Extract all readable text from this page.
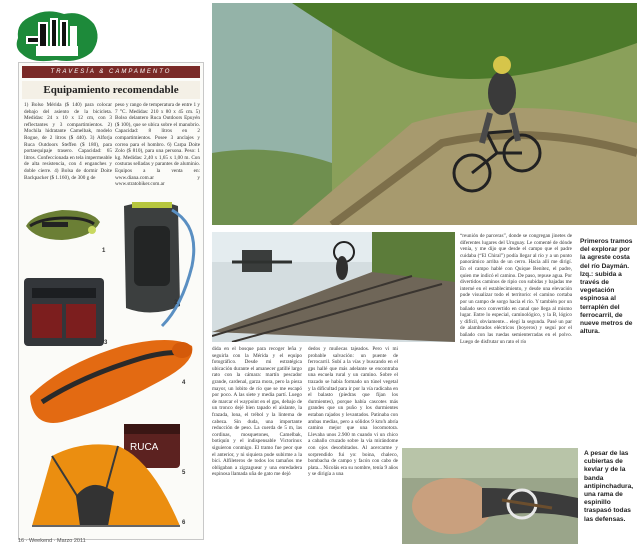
TRAVESÍA & CAMPAMENTO
Equipamiento recomendable
1) Bolso Mérida ($ 140) para colocar debajo del asiento de la bicicleta. Medidas: 24 x 10 x 12 cm, con 3 reflectantes y 3 compartimientos. 2) Mochila hidratante Camelbak, modelo Rogue, de 2 litros ($ 440). 3) Alforja Ruca Outdoors Steffen ($ 180), para portaequipaje trasero. Capacidad: 65 litros. Confeccionada en tela impermeable de alta resistencia, con 4 enganches y doble cierre. 4) Bolsa de dormir Doite Backpacker ($ 1.160), de 300 g de
peso y rango de temperatura de entre 1 y 7 °C. Medidas: 210 x 80 x 45 cm. 5) Bolso delantero Ruca Outdoors Epuyén ($ 100), que se ubica sobre el manubrio. Capacidad: 8 litros en 2 compartimientos. Posee 3 anclajes y correa para el hombro. 6) Carpa Doite Zolo ($ 810), para una persona. Peso: 1 kg. Medidas: 2,40 x 1,65 x 1,00 m. Con costuras selladas y parantes de aluminio. Equipos a la venta en: www.diana.com.ar y www.stratobiker.com.ar
RUCA
1
2
3
4
5
6
dida en el bosque para recoger leña y seguirla con la Mérida y el equipo fotográfico. Desde mi estratégica ubicación durante el amanecer gatillé largo rato con la cámara: martín pescador grande, cardenal, garza mora, pero la pieza mayor, un lobito de río que se me escapó por poco. A las siete y media partí. Luego de marcar el waypoint en el gps, debajo de un tronco dejé bien tapado el aislante, la frazada, lona, el trébol y la linterna de cabeza. Sin duda, una importante reducción de peso. La cuerda de 5 m, las cordinas, mosquetones, Camelbak, botiquín y el indispensable Victorinox siguieron conmigo. El tramo fue peor que el anterior, y ni siquiera pude subirme a la bici. Alfileteros de todos los tamaños me obligaban a zigzaguear y una enredadera espinosa llamada uña de gato me dejó
dedos y muñecas tajeados. Pero vi mi probable salvación: un puente de ferrocarril. Subí a la vías y buscando en el gps hallé que más adelante se encontraba una escuela rural y un camino. Sobre el trazado se había formado un túnel vegetal y la dificultad para ir por la vía radicaba en el balasto (piedras que fijan los durmientes), porque había cascotes más grandes que un puño y los durmientes estaban rajados y levantados. Patinaba con ambas medias, pero a sólidos 9 km/h abría camino mejor que una locomotora. Llevaba unos 2.900 m cuando vi un chico a caballo cruzado sobre la vía mirándome con ojos desorbitados. Al acercarme y sorprendido fui yo: boina, chaleco, bombacha de campo y facón con cabo de plata... Nicolás era su nombre, tenía 9 años y se dirigía a una
“reunión de parceras”, donde se congregan jinetes de diferentes lugares del Uruguay. Le comenté de dónde venía, y me dijo que desde el campo que el padre cuidaba (“El Chiral”) podía llegar al río y a un punto panorámico arriba de un cerro. Hacia allí me dirigí. En el campo hablé con Quique Benítez, el padre, quien me indicó el camino. De paso, repuse agua. Por divertidos caminos de ripio con subidas y bajadas me interné en el establecimiento, y desde una elevación pude visualizar todo el territorio: el camino cortaba por un campo de sorgo hacia el río. Y también por un bañado seco convertido en canal que llega al mismo lugar. Entre lo especial, caminológico, y la B, lógico y difícil, obviamente... elegí la segunda. Pasé un par de alambrados eléctricos (boyeros) y seguí por el bañado con las ruedas semienterradas en el polvo. Luego de disfrutar un rato el río
Primeros tramos del explorar por la agreste costa del río Daymán. Izq.: subida a través de vegetación espinosa al terraplén del ferrocarril, de nueve metros de altura.
A pesar de las cubiertas de kevlar y de la banda antipinchadura, una rama de espinillo traspasó todas las defensas.
16 · Weekend · Marzo 2011
